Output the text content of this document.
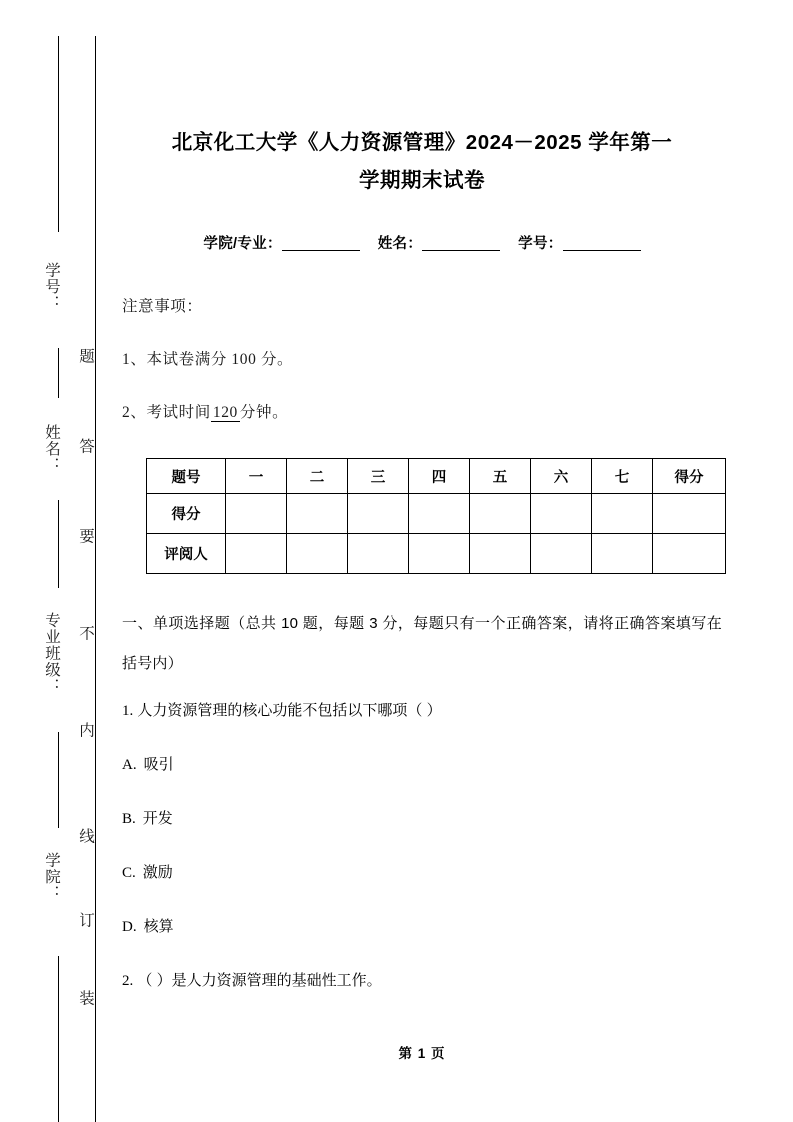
学号：
姓名：
专业班级：
学院：
题
答
要
不
内
线
订
装
北京化工大学《人力资源管理》2024－2025 学年第一
学期期末试卷
学院/专业：	姓名：	学号：
注意事项：
1、本试卷满分 100 分。
2、考试时间 120 分钟。
题号	一	二	三	四	五	六	七	得分
得分								
评阅人								
一、单项选择题（总共 10 题，每题 3 分，每题只有一个正确答案，请将正确答案填写在括号内）
1. 人力资源管理的核心功能不包括以下哪项（ ）
A. 吸引
B. 开发
C. 激励
D. 核算
2. （ ）是人力资源管理的基础性工作。
第 1 页
